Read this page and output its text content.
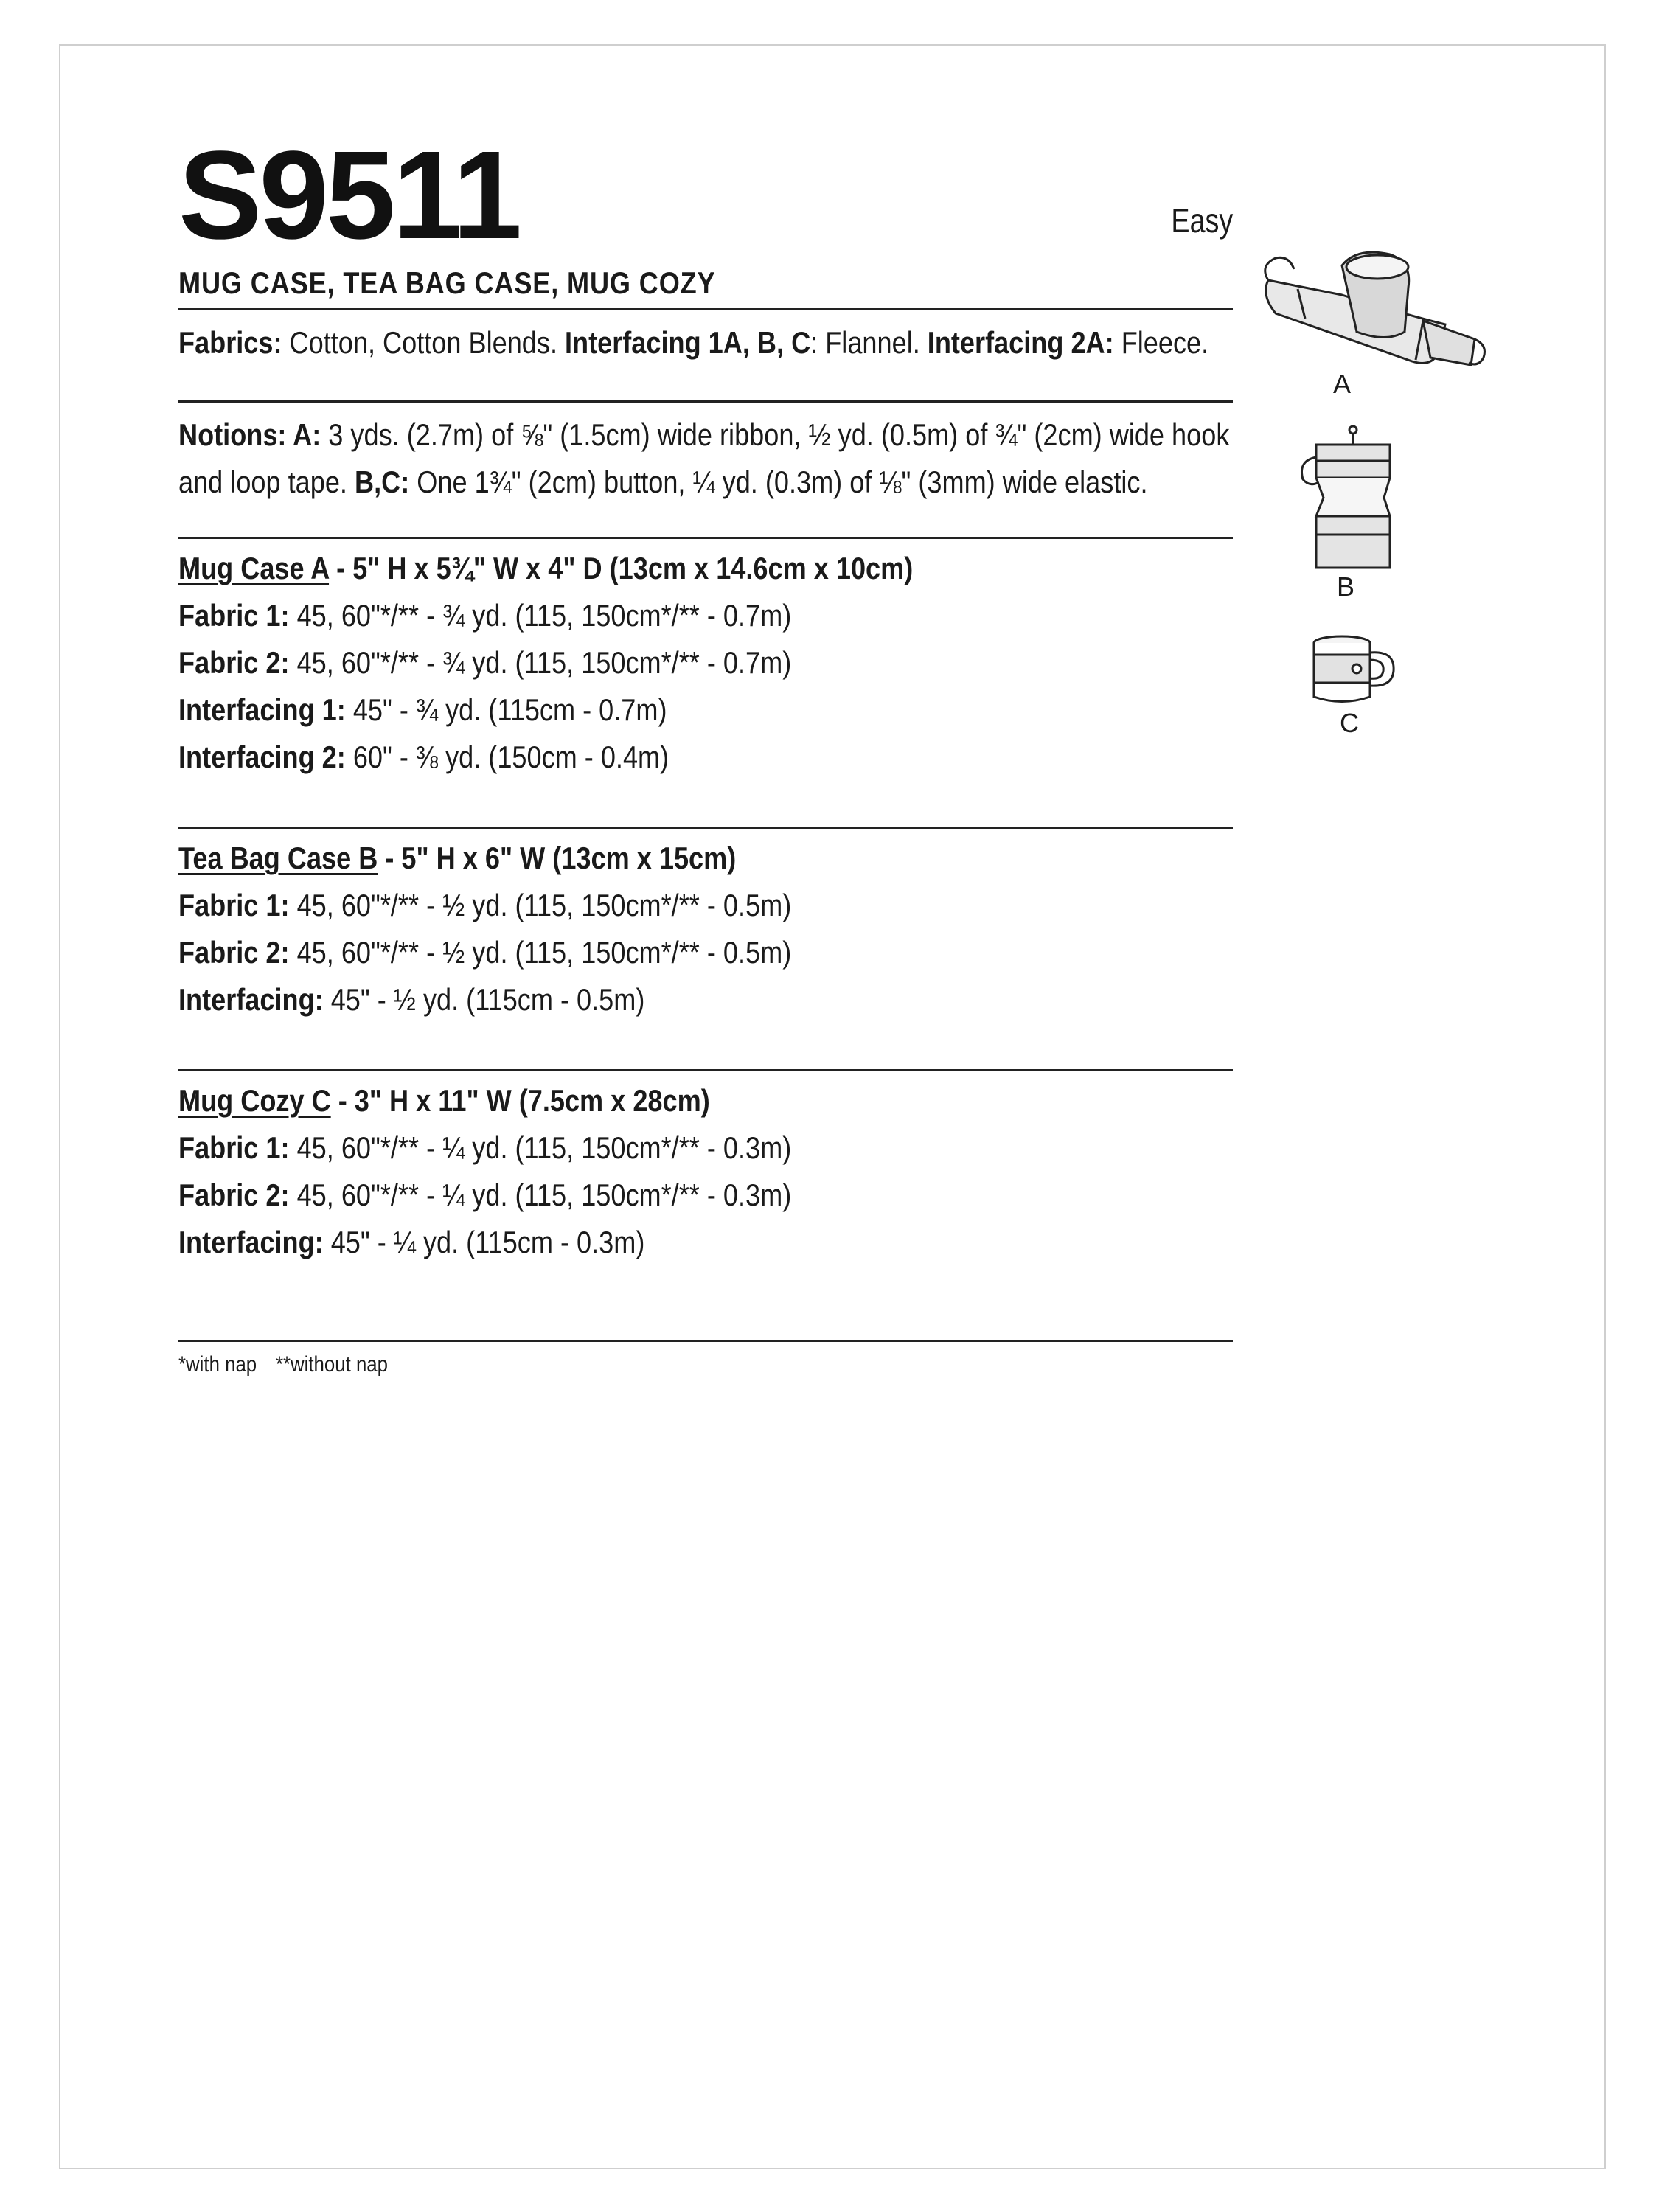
S9511	Easy
MUG CASE, TEA BAG CASE, MUG COZY
Fabrics: Cotton, Cotton Blends. Interfacing 1A, B, C: Flannel. Interfacing 2A: Fleece.
Notions: A: 3 yds. (2.7m) of ⅝" (1.5cm) wide ribbon, ½ yd. (0.5m) of ¾" (2cm) wide hook and loop tape. B,C: One 1¾" (2cm) button, ¼ yd. (0.3m) of ⅛" (3mm) wide elastic.
Mug Case A - 5" H x 5¾" W x 4" D (13cm x 14.6cm x 10cm)
Fabric 1: 45, 60"*/** - ¾ yd. (115, 150cm*/** - 0.7m)
Fabric 2: 45, 60"*/** - ¾ yd. (115, 150cm*/** - 0.7m)
Interfacing 1: 45" - ¾ yd. (115cm - 0.7m)
Interfacing 2: 60" - ⅜ yd. (150cm - 0.4m)
Tea Bag Case B - 5" H x 6" W (13cm x 15cm)
Fabric 1: 45, 60"*/** - ½ yd. (115, 150cm*/** - 0.5m)
Fabric 2: 45, 60"*/** - ½ yd. (115, 150cm*/** - 0.5m)
Interfacing: 45" - ½ yd. (115cm - 0.5m)
Mug Cozy C - 3" H x 11" W (7.5cm x 28cm)
Fabric 1: 45, 60"*/** - ¼ yd. (115, 150cm*/** - 0.3m)
Fabric 2: 45, 60"*/** - ¼ yd. (115, 150cm*/** - 0.3m)
Interfacing: 45" - ¼ yd. (115cm - 0.3m)
*with nap **without nap
A
B
C
